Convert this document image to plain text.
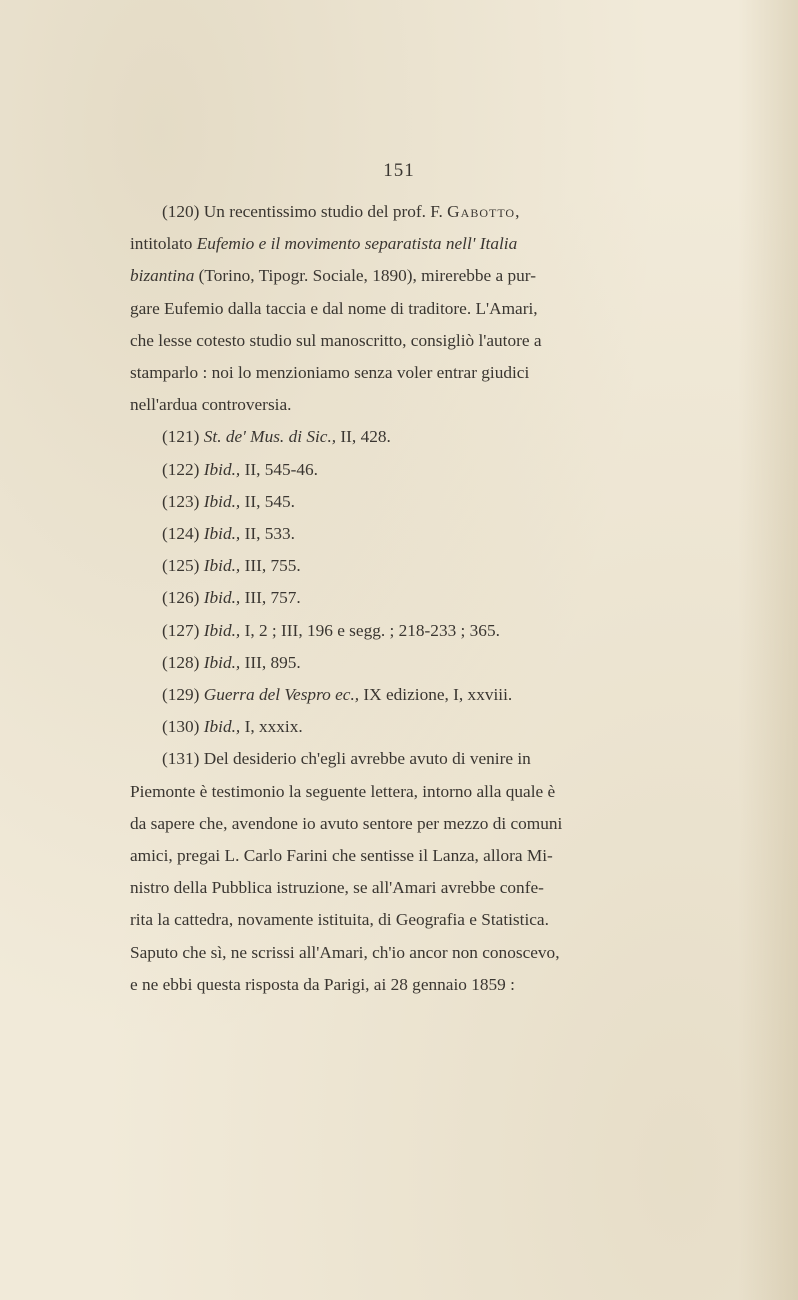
151

(120) Un recentissimo studio del prof. F. Gabotto,

intitolato Eufemio e il movimento separatista nell' Italia
bizantina (Torino, Tipogr. Sociale, 1890), mirerebbe a pur-
gare Eufemio dalla taccia e dal nome di traditore. L'Amari,
che lesse cotesto studio sul manoscritto, consigliò l'autore a
stamparlo : noi lo menzioniamo senza voler entrar giudici
nell'ardua controversia.

(121) St. de' Mus. di Sic., II, 428.

(122) Ibid., II, 545-46.

(123) Ibid., II, 545.

(124) Ibid., II, 533.

(125) Ibid., III, 755.

(126) Ibid., III, 757.

(127) Ibid., I, 2 ; III, 196 e segg. ; 218-233 ; 365.

(128) Ibid., III, 895.

(129) Guerra del Vespro ec., IX edizione, I, xxviii.

(130) Ibid., I, xxxix.

(131) Del desiderio ch'egli avrebbe avuto di venire in
Piemonte è testimonio la seguente lettera, intorno alla quale è
da sapere che, avendone io avuto sentore per mezzo di comuni
amici, pregai L. Carlo Farini che sentisse il Lanza, allora Mi-
nistro della Pubblica istruzione, se all'Amari avrebbe confe-
rita la cattedra, novamente istituita, di Geografia e Statistica.
Saputo che sì, ne scrissi all'Amari, ch'io ancor non conoscevo,
e ne ebbi questa risposta da Parigi, ai 28 gennaio 1859 :
